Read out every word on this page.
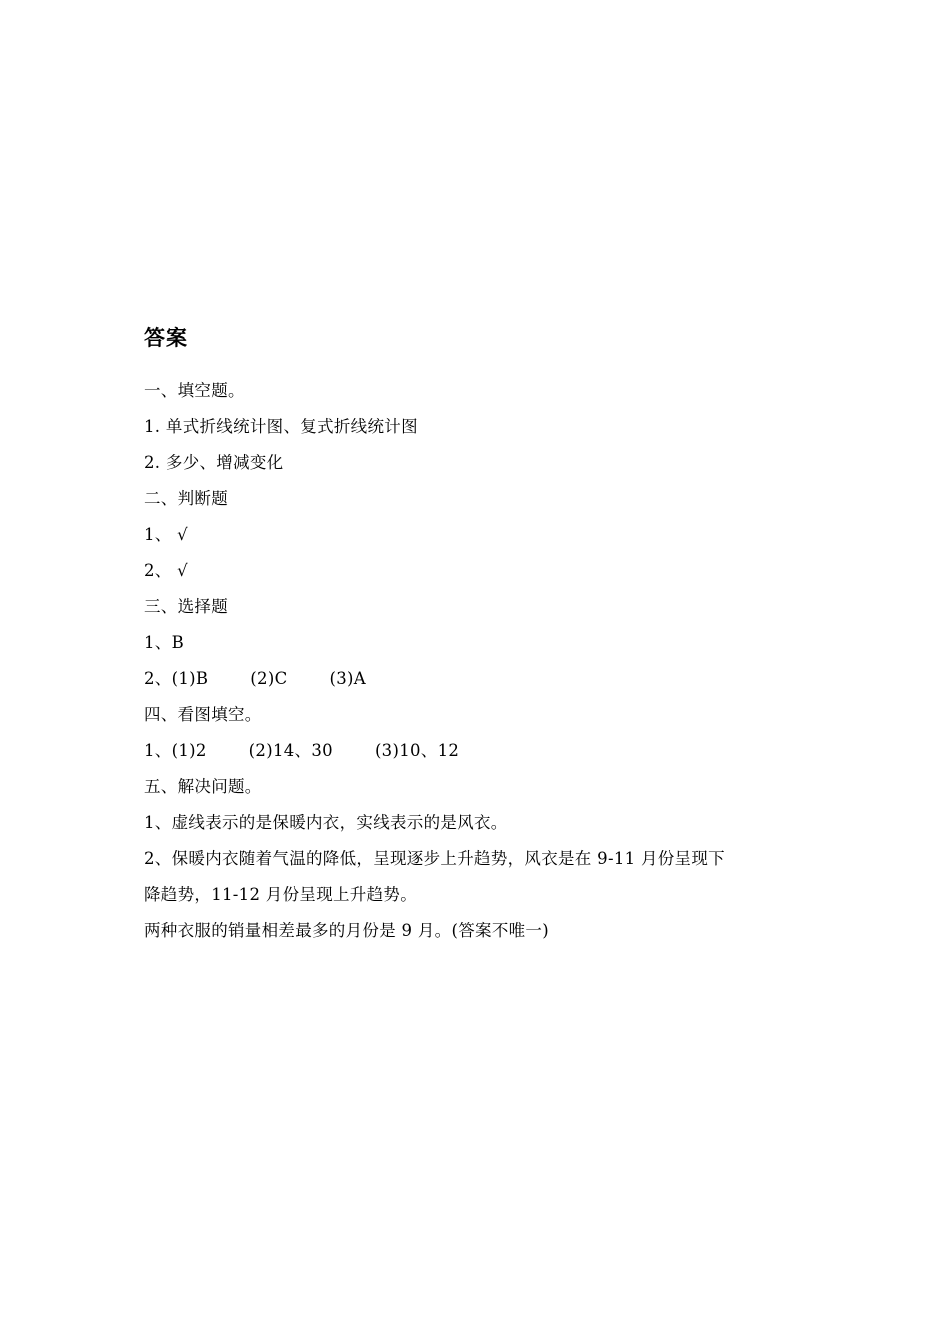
答案
一、填空题。
1. 单式折线统计图、复式折线统计图
2. 多少、增减变化
二、判断题
1、 √
2、 √
三、选择题
1、B
2、(1)B	(2)C	(3)A
四、看图填空。
1、(1)2	(2)14、30	(3)10、12
五、解决问题。
1、虚线表示的是保暖内衣，实线表示的是风衣。
2、保暖内衣随着气温的降低，呈现逐步上升趋势，风衣是在 9-11 月份呈现下
降趋势，11-12 月份呈现上升趋势。
两种衣服的销量相差最多的月份是 9 月。(答案不唯一)
